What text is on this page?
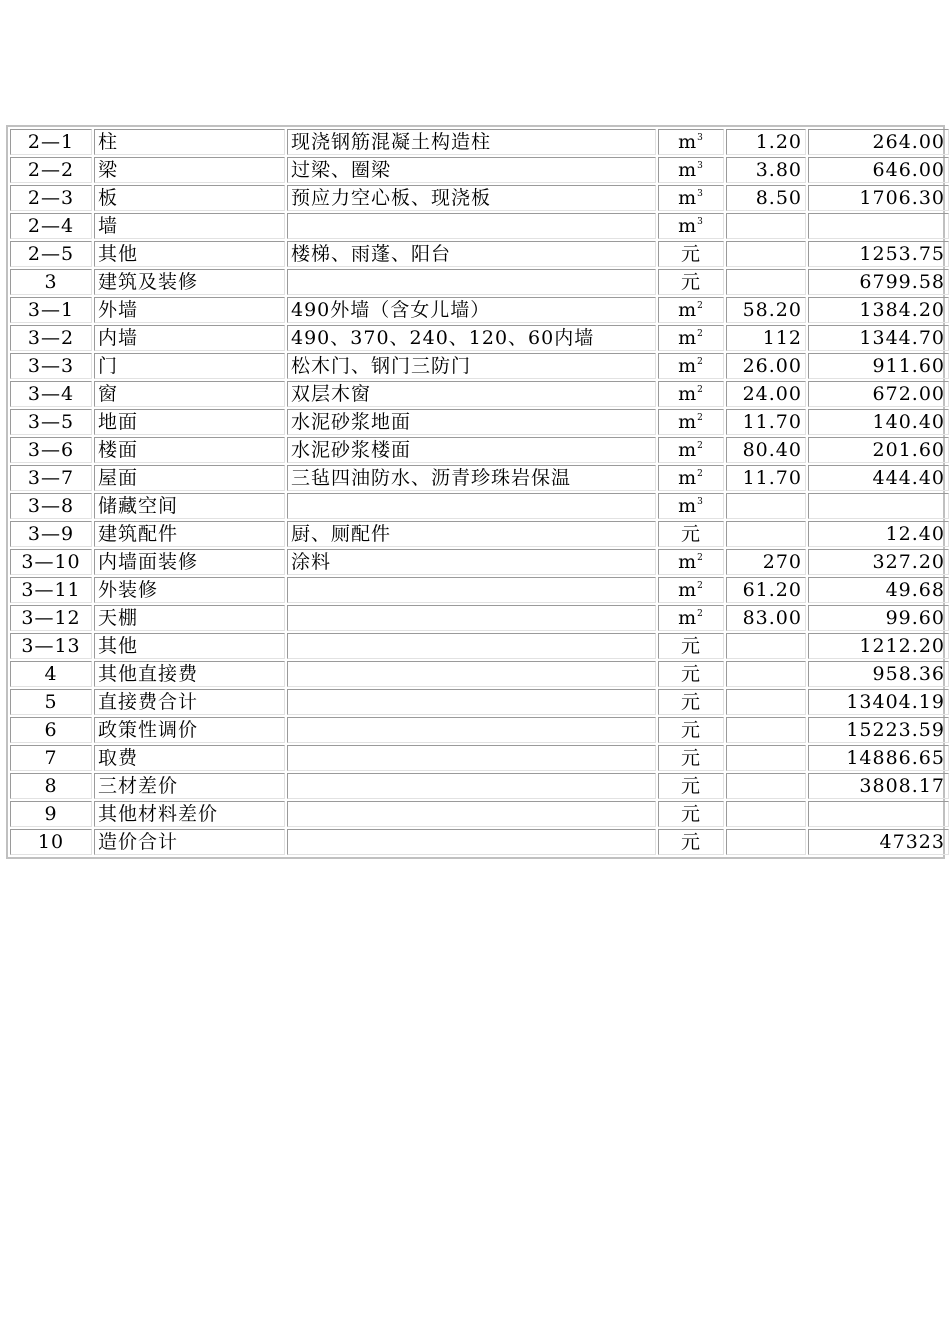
2—1	柱	现浇钢筋混凝土构造柱	$m^3$	1.20	264.00
2—2	梁	过梁、圈梁	$m^3$	3.80	646.00
2—3	板	预应力空心板、现浇板	$m^3$	8.50	1706.30
2—4	墙		$m^3$		
2—5	其他	楼梯、雨蓬、阳台	元		1253.75
3	建筑及装修		元		6799.58
3—1	外墙	490外墙（含女儿墙）	$m^2$	58.20	1384.20
3—2	内墙	490、370、240、120、60内墙	$m^2$	112	1344.70
3—3	门	松木门、钢门三防门	$m^2$	26.00	911.60
3—4	窗	双层木窗	$m^2$	24.00	672.00
3—5	地面	水泥砂浆地面	$m^2$	11.70	140.40
3—6	楼面	水泥砂浆楼面	$m^2$	80.40	201.60
3—7	屋面	三毡四油防水、沥青珍珠岩保温	$m^2$	11.70	444.40
3—8	储藏空间		$m^3$		
3—9	建筑配件	厨、厕配件	元		12.40
3—10	内墙面装修	涂料	$m^2$	270	327.20
3—11	外装修		$m^2$	61.20	49.68
3—12	天棚		$m^2$	83.00	99.60
3—13	其他		元		1212.20
4	其他直接费		元		958.36
5	直接费合计		元		13404.19
6	政策性调价		元		15223.59
7	取费		元		14886.65
8	三材差价		元		3808.17
9	其他材料差价		元		
10	造价合计		元		47323
